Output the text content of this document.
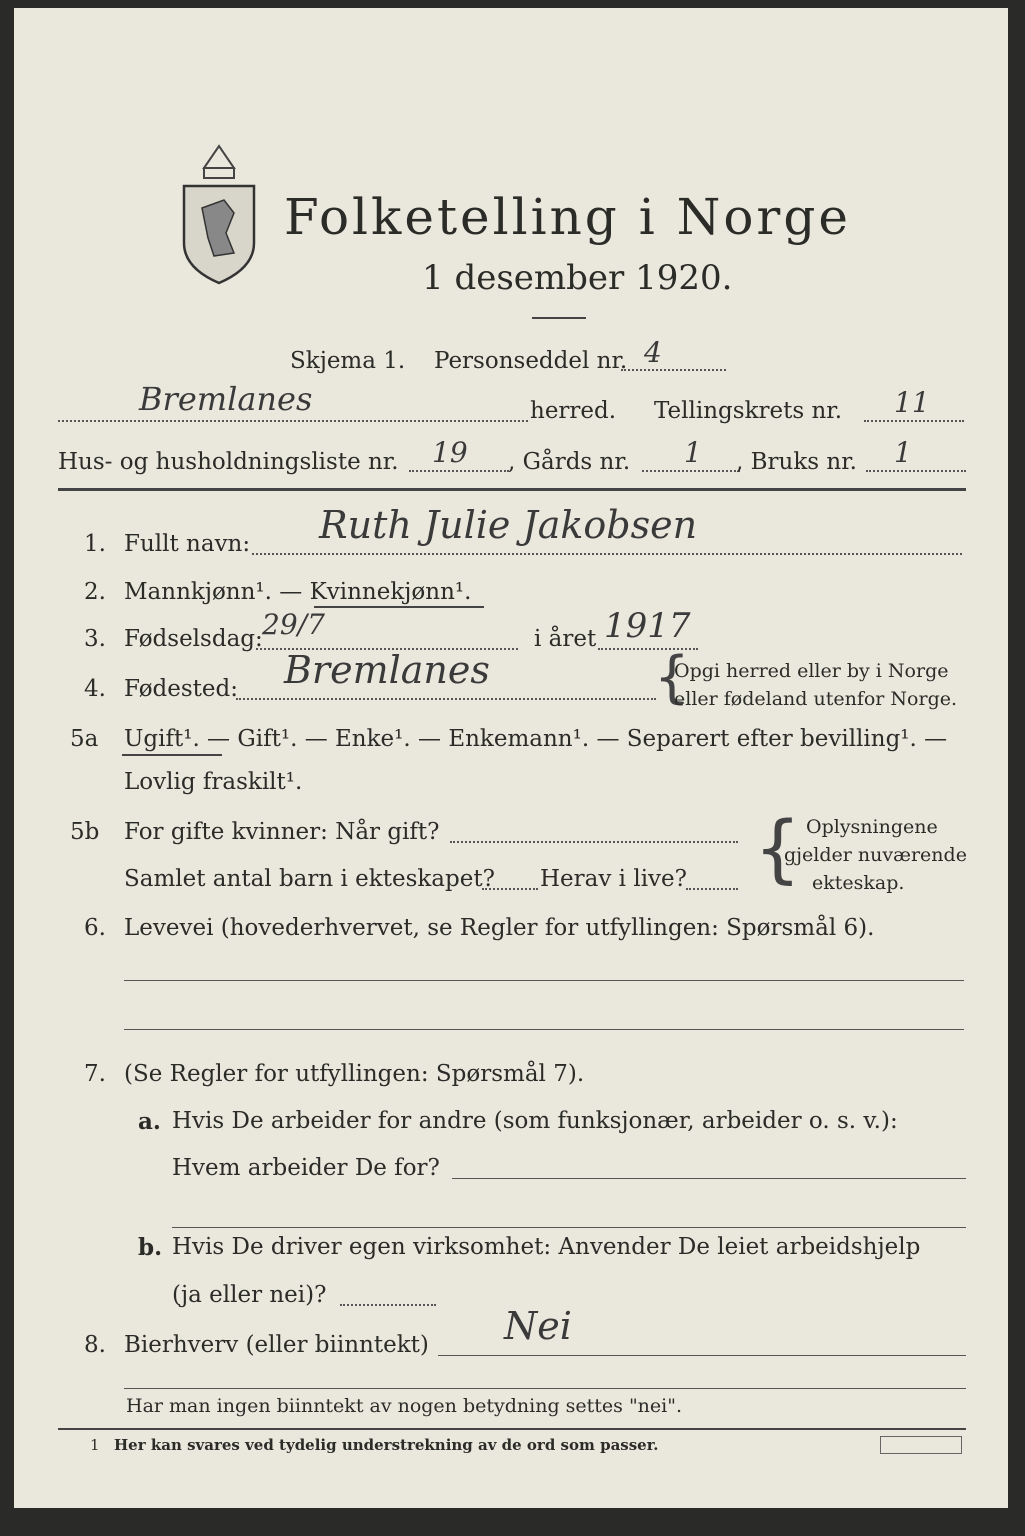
Folketelling i Norge
1 desember 1920.
Skjema 1. Personseddel nr. 4
Bremlanes	herred. Tellingskrets nr. 11
Hus- og husholdningsliste nr. 19 , Gårds nr. 1 , Bruks nr. 1
1. Fullt navn: Ruth Julie Jakobsen
2. Mannkjønn¹. — Kvinnekjønn¹.
3. Fødselsdag: 29/7	i året 1917
4. Fødested: Bremlanes	{
Opgi herred eller by i Norge
eller fødeland utenfor Norge.
5a Ugift¹. — Gift¹. — Enke¹. — Enkemann¹. — Separert efter bevilling¹. —
Lovlig fraskilt¹.
5b For gifte kvinner: Når gift?
Samlet antal barn i ekteskapet? Herav i live? { Oplysningene
gjelder nuværende
ekteskap.
6. Levevei (hovederhvervet, se Regler for utfyllingen: Spørsmål 6).
7. (Se Regler for utfyllingen: Spørsmål 7).
a. Hvis De arbeider for andre (som funksjonær, arbeider o. s. v.):
Hvem arbeider De for?
b. Hvis De driver egen virksomhet: Anvender De leiet arbeidshjelp
(ja eller nei)?
8. Bierhverv (eller biinntekt) Nei
Har man ingen biinntekt av nogen betydning settes "nei".
1 Her kan svares ved tydelig understrekning av de ord som passer.
